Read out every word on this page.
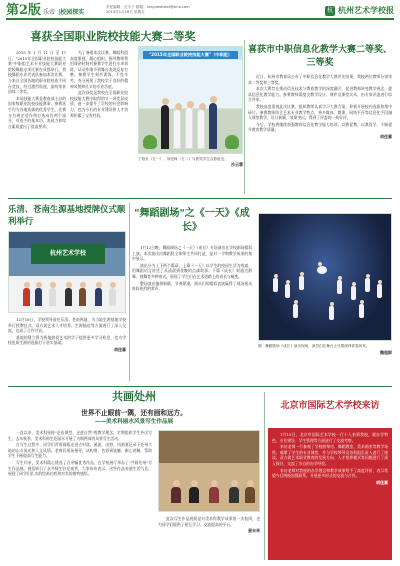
第2版 乐帝 |校园探实
责任编辑：庄丰子 邮箱：hzsyxbshzbd@sina.com
2015年1月16日 星期五	杭 杭州艺术学校报
喜获全国职业院校技能大赛二等奖

2015年1月11日至17日，"2015年全国职业院校技能大赛"中职组艺术专业技能大赛职业院校舞蹈专项比赛在成都举行。我校舞蹈专业代表队参加本次比赛，与来自全国各地的职业院校选手同台竞技，经过激烈角逐，最终荣获团体二等奖。

本届技能大赛是教育部主办的国家级职业院校技能赛事，参赛选手均为各地选拔的优秀学生。比赛分为规定动作和自选动作两个部分，对选手的基本功、表现力和综合素质提出了很高要求。

为了备战本次比赛，舞蹈科组高度重视，精心组织，指导教师利用课余时间对参赛学生进行专项训练，从动作细节到舞台表现反复打磨。参赛学生刻苦训练，不畏辛劳，充分展现了我校学子良好的精神风貌和扎实的专业功底。

此次获奖是我校在全国职业院校技能大赛中取得的又一项优异成绩，进一步提升了学校的社会影响力，也为今后的专业建设和人才培养积累了宝贵经验。

"2015年全国职业院校技能大赛"（中职组）
丁校长（左一）、刘老师（左二）与获奖学生合影留念。
沙云霏
喜获市中职信息化教学大赛二等奖、三等奖

近日，杭州市教育局公布了中职信息化教学大赛评比结果，我校两位教师分别荣获二等奖和三等奖。

本次大赛旨在推动信息技术与教育教学的深度融合，促进教师转变教学观念，提高信息化教学能力。参赛教师需提交教学设计、课件及课堂实录，由专家评委进行综合评审。

我校高度重视此次比赛，组织教师认真学习大赛方案，积极开展校内选拔和集中研讨。参赛教师结合艺术专业教学特点，将多媒体、微课、网络平台等信息化手段融入课堂教学，设计新颖，效果突出，得到了评委的一致好评。

今后，学校将继续加强教师信息化教学能力培训，以赛促教，以赛促学，不断提升教育教学质量。

胡佳嘉
乐清、苍南生源基地授牌仪式顺利举行
杭州艺术学校

12月18日，学校领导前往乐清、苍南两地，为当地生源基地学校举行授牌仪式。双方就艺术人才培养、生源输送等方面进行了深入交流，达成了合作共识。

基地的建立将为两地热爱艺术的学子提供更多学习机会，也为学校优质生源的选拔打下坚实基础。

胡佳嘉
"舞蹈剧场"之《一天》《成长》

1月12日晚，舞蹈剧场之《一天》《成长》专场演出在学校剧场精彩上演。本次演出由舞蹈科全体师生共同打造，是对一学期教学成果的集中展示。

演出分为上下两个篇章。上篇《一天》以学生的校园生活为线索，用舞蹈语言讲述了从清晨到夜晚的点滴故事；下篇《成长》则通过群舞、独舞等多种形式，展现了学生们在艺术道路上的成长与蜕变。

整场演出编排新颖，节奏紧凑，演员们的精彩表演赢得了现场观众阵阵热烈的掌声。

图：舞蹈剧场《成长》演出现场，演员们在舞台上尽情演绎青春风采。
魏超群
共画处州
世界不止眼前一隅，还有画和远方。
——美术科丽水风景写生作品展

一直以来，美术科坚持"走出课堂、走进自然"的教学理念，定期组织学生外出写生。去年秋季，美术科师生赴丽水开展了为期两周的风景写生活动。

在写生过程中，同学们背着画板走进古村落、溪流、田野，用画笔记录下处州大地的山水风光和人文风情。老师们现场指导，从构图、色彩到笔触，耐心讲解，帮助学生不断提高写生能力。

写生归来，美术科精心挑选了百余幅优秀作品，在学校展厅举办了"共画处州"写生作品展。展览吸引了众多师生驻足观赏，大家纷纷表示，这些作品充满生活气息，展现了同学们扎实的绘画功底和对美的独特感悟。

此次写生作品展既是对美术科教学成果的一次检阅，也为同学们提供了相互学习、交流提高的平台。

姜未来
北京市国际艺术学校来访

1月15日，北京市国际艺术学校一行十人来到我校，就办学特色、专业建设、学生管理等方面进行了交流考察。

来访老师一行参观了学校的琴房、舞蹈教室、美术画室等教学场所，观摩了学生的专业课堂，并与学校领导及各科组负责人进行了座谈。双方就艺术职业教育的发展方向、人才培养模式等问题进行了深入探讨，交流了各自的办学经验。

来访老师对我校的办学理念和教学成果给予了高度评价，表示希望今后两校加强联系，开展更多形式的交流与合作。

胡佳嘉
